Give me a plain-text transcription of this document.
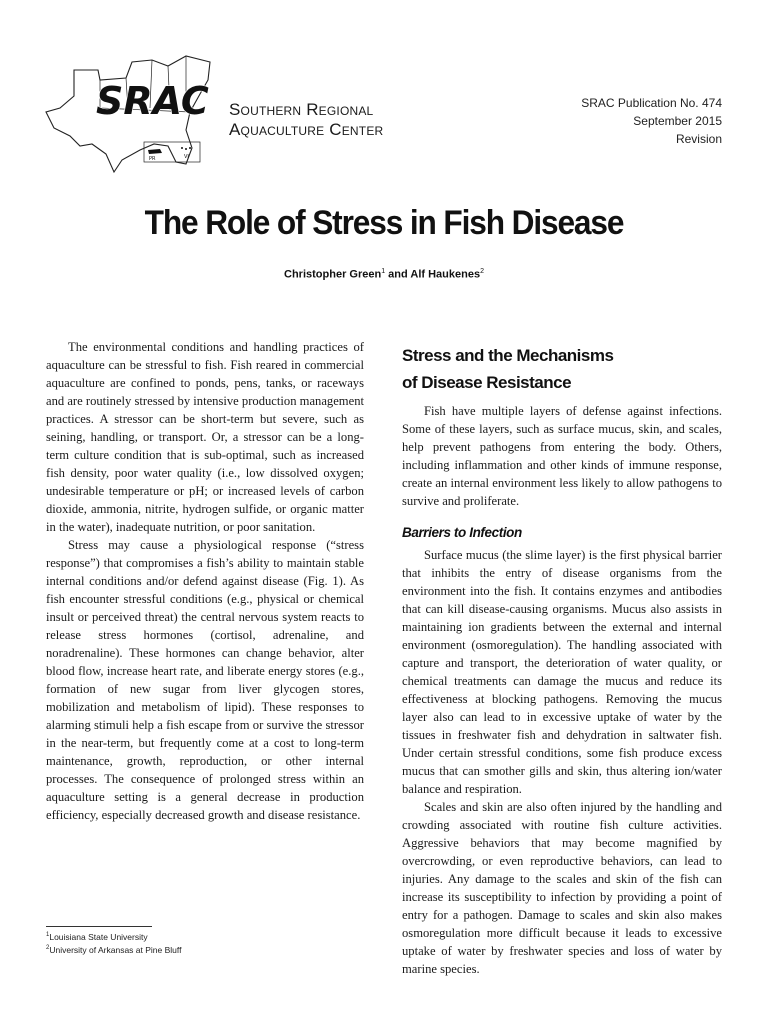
SRAC
PR	VI
Southern Regional
Aquaculture Center
SRAC Publication No. 474
September 2015
Revision
The Role of Stress in Fish Disease
Christopher Green$^1$ and Alf Haukenes$^2$

The environmental conditions and handling practices of aquaculture can be stressful to fish. Fish reared in commercial aquaculture are confined to ponds, pens, tanks, or raceways and are routinely stressed by intensive production management practices. A stressor can be short-term but severe, such as seining, handling, or transport. Or, a stressor can be a long-term culture condition that is sub-optimal, such as increased fish density, poor water quality (i.e., low dissolved oxygen; undesirable temperature or pH; or increased levels of carbon dioxide, ammonia, nitrite, hydrogen sulfide, or organic matter in the water), inadequate nutrition, or poor sanitation.

Stress may cause a physiological response (“stress response”) that compromises a fish’s ability to maintain stable internal conditions and/or defend against disease (Fig. 1). As fish encounter stressful conditions (e.g., physical or chemical insult or perceived threat) the central nervous system reacts to release stress hormones (cortisol, adrenaline, and noradrenaline). These hormones can change behavior, alter blood flow, increase heart rate, and liberate energy stores (e.g., formation of new sugar from liver glycogen stores, mobilization and metabolism of lipid). These responses to alarming stimuli help a fish escape from or survive the stressor in the near-term, but frequently come at a cost to long-term maintenance, growth, reproduction, or other internal processes. The consequence of prolonged stress within an aquaculture setting is a general decrease in production efficiency, especially decreased growth and disease resistance.

Stress and the Mechanisms
of Disease Resistance

Fish have multiple layers of defense against infections. Some of these layers, such as surface mucus, skin, and scales, help prevent pathogens from entering the body. Others, including inflammation and other kinds of immune response, create an internal environment less likely to allow pathogens to survive and proliferate.

Barriers to Infection

Surface mucus (the slime layer) is the first physical barrier that inhibits the entry of disease organisms from the environment into the fish. It contains enzymes and antibodies that can kill disease-causing organisms. Mucus also assists in maintaining ion gradients between the external and internal environment (osmoregulation). The handling associated with capture and transport, the deterioration of water quality, or chemical treatments can damage the mucus and reduce its effectiveness at blocking pathogens. Removing the mucus layer also can lead to in excessive uptake of water by the tissues in freshwater fish and dehydration in saltwater fish. Under certain stressful conditions, some fish produce excess mucus that can smother gills and skin, thus altering ion/water balance and respiration.

Scales and skin are also often injured by the handling and crowding associated with routine fish culture activities. Aggressive behaviors that may become magnified by overcrowding, or even reproductive behaviors, can lead to injuries. Any damage to the scales and skin of the fish can increase its susceptibility to infection by providing a point of entry for a pathogen. Damage to scales and skin also makes osmoregulation more difficult because it leads to excessive uptake of water by freshwater species and loss of water by marine species.

$^1$Louisiana State University
$^2$University of Arkansas at Pine Bluff
